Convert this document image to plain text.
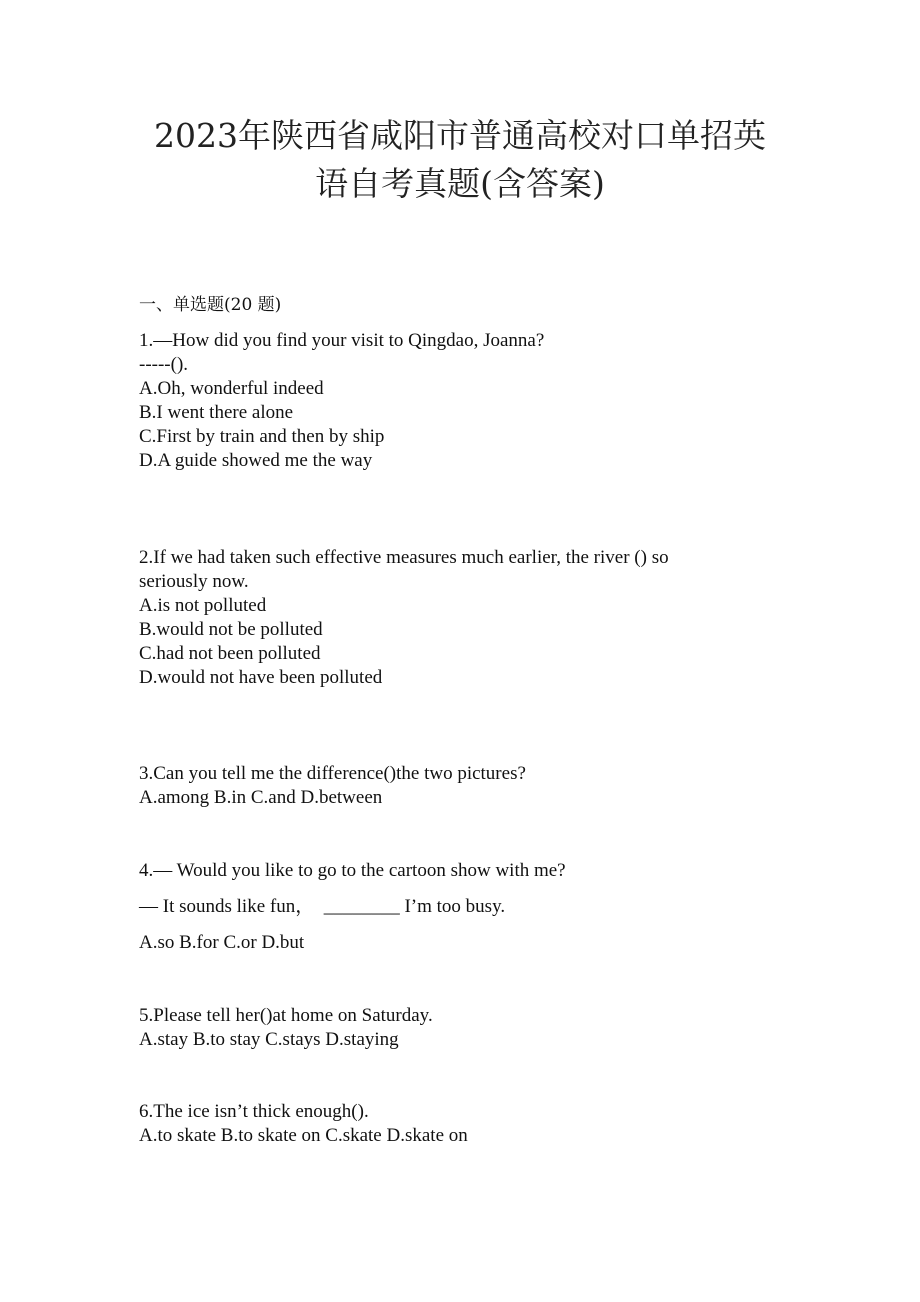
2023年陕西省咸阳市普通高校对口单招英
语自考真题(含答案)
一、单选题(20 题)
1.—How did you find your visit to Qingdao, Joanna?
-----().
A.Oh, wonderful indeed
B.I went there alone
C.First by train and then by ship
D.A guide showed me the way
2.If we had taken such effective measures much earlier, the river () so
seriously now.
A.is not polluted
B.would not be polluted
C.had not been polluted
D.would not have been polluted
3.Can you tell me the difference()the two pictures?
A.among B.in C.and D.between
4.— Would you like to go to the cartoon show with me?
— It sounds like fun，  ________ I’m too busy.
A.so B.for C.or D.but
5.Please tell her()at home on Saturday.
A.stay B.to stay C.stays D.staying
6.The ice isn’t thick enough().
A.to skate B.to skate on C.skate D.skate on
